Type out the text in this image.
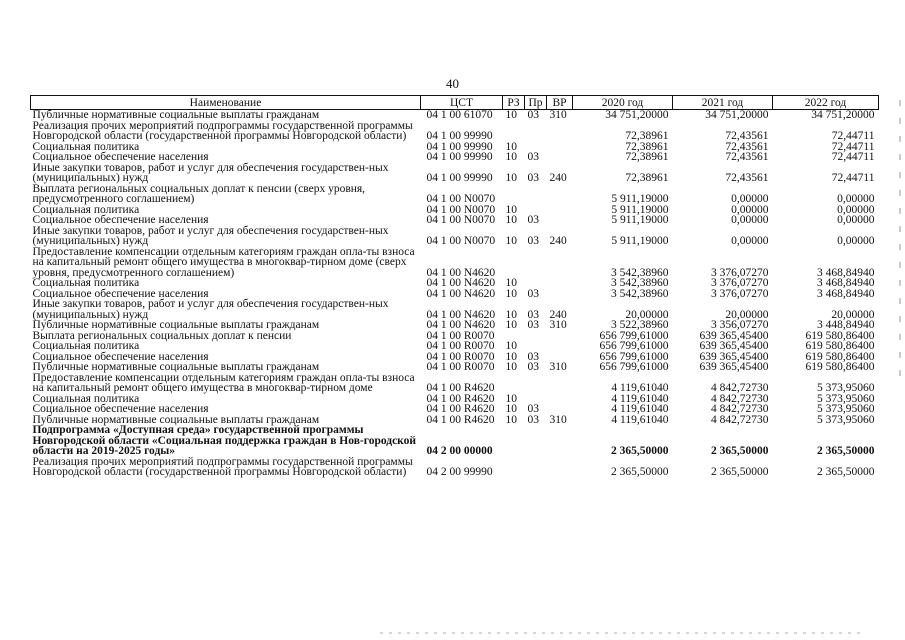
40
Наименование	ЦСТ	РЗ	Пр	ВР	2020 год	2021 год	2022 год
Публичные нормативные социальные выплаты гражданам	04 1 00 61070	10	03	310	34 751,20000	34 751,20000	34 751,20000
Реализация прочих мероприятий подпрограммы государственной программы Новгородской области (государственной программы Новгородской области)	04 1 00 99990				72,38961	72,43561	72,44711
Социальная политика	04 1 00 99990	10			72,38961	72,43561	72,44711
Социальное обеспечение населения	04 1 00 99990	10	03		72,38961	72,43561	72,44711
Иные закупки товаров, работ и услуг для обеспечения государствен-ных (муниципальных) нужд	04 1 00 99990	10	03	240	72,38961	72,43561	72,44711
Выплата региональных социальных доплат к пенсии (сверх уровня, предусмотренного соглашением)	04 1 00 N0070				5 911,19000	0,00000	0,00000
Социальная политика	04 1 00 N0070	10			5 911,19000	0,00000	0,00000
Социальное обеспечение населения	04 1 00 N0070	10	03		5 911,19000	0,00000	0,00000
Иные закупки товаров, работ и услуг для обеспечения государствен-ных (муниципальных) нужд	04 1 00 N0070	10	03	240	5 911,19000	0,00000	0,00000
Предоставление компенсации отдельным категориям граждан опла-ты взноса на капитальный ремонт общего имущества в многоквар-тирном доме (сверх уровня, предусмотренного соглашением)	04 1 00 N4620				3 542,38960	3 376,07270	3 468,84940
Социальная политика	04 1 00 N4620	10			3 542,38960	3 376,07270	3 468,84940
Социальное обеспечение населения	04 1 00 N4620	10	03		3 542,38960	3 376,07270	3 468,84940
Иные закупки товаров, работ и услуг для обеспечения государствен-ных (муниципальных) нужд	04 1 00 N4620	10	03	240	20,00000	20,00000	20,00000
Публичные нормативные социальные выплаты гражданам	04 1 00 N4620	10	03	310	3 522,38960	3 356,07270	3 448,84940
Выплата региональных социальных доплат к пенсии	04 1 00 R0070				656 799,61000	639 365,45400	619 580,86400
Социальная политика	04 1 00 R0070	10			656 799,61000	639 365,45400	619 580,86400
Социальное обеспечение населения	04 1 00 R0070	10	03		656 799,61000	639 365,45400	619 580,86400
Публичные нормативные социальные выплаты гражданам	04 1 00 R0070	10	03	310	656 799,61000	639 365,45400	619 580,86400
Предоставление компенсации отдельным категориям граждан опла-ты взноса на капитальный ремонт общего имущества в многоквар-тирном доме	04 1 00 R4620				4 119,61040	4 842,72730	5 373,95060
Социальная политика	04 1 00 R4620	10			4 119,61040	4 842,72730	5 373,95060
Социальное обеспечение населения	04 1 00 R4620	10	03		4 119,61040	4 842,72730	5 373,95060
Публичные нормативные социальные выплаты гражданам	04 1 00 R4620	10	03	310	4 119,61040	4 842,72730	5 373,95060
Подпрограмма «Доступная среда» государственной программы Новгородской области «Социальная поддержка граждан в Нов-городской области на 2019-2025 годы»	04 2 00 00000				2 365,50000	2 365,50000	2 365,50000
Реализация прочих мероприятий подпрограммы государственной программы Новгородской области (государственной программы Новгородской области)	04 2 00 99990				2 365,50000	2 365,50000	2 365,50000
